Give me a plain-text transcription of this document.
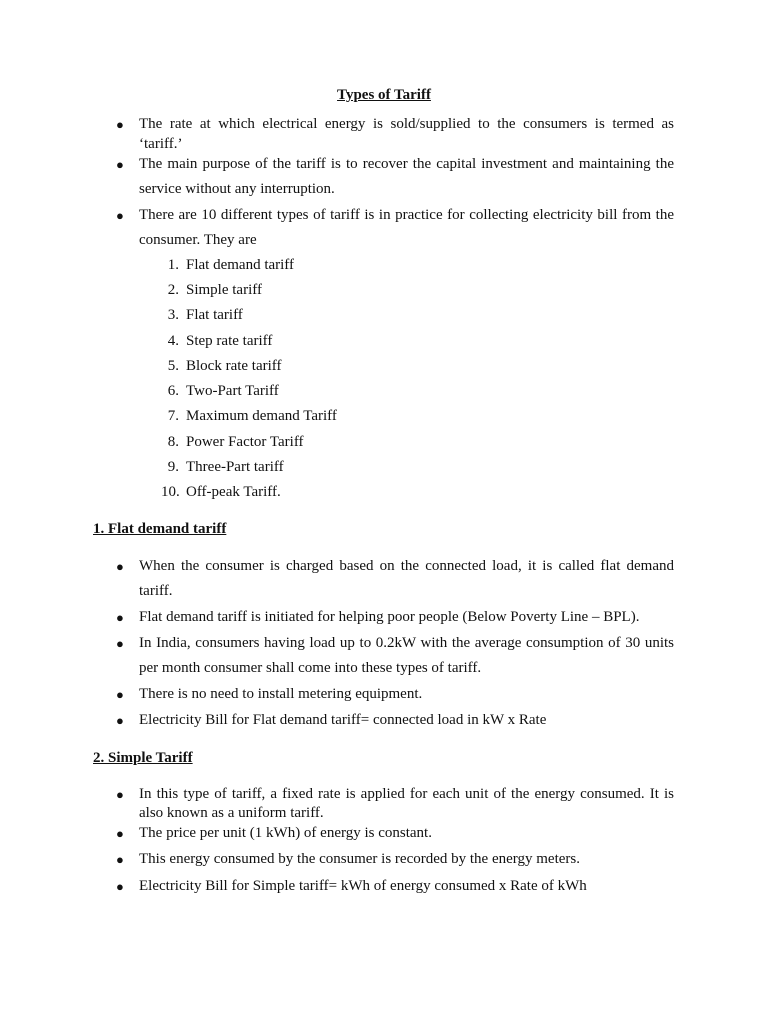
Types of Tariff
● The rate at which electrical energy is sold/supplied to the consumers is termed as
‘tariff.’
● The main purpose of the tariff is to recover the capital investment and maintaining the
service without any interruption.
● There are 10 different types of tariff is in practice for collecting electricity bill from the
consumer. They are
1. Flat demand tariff
2. Simple tariff
3. Flat tariff
4. Step rate tariff
5. Block rate tariff
6. Two-Part Tariff
7. Maximum demand Tariff
8. Power Factor Tariff
9. Three-Part tariff
10. Off-peak Tariff.
1. Flat demand tariff
● When the consumer is charged based on the connected load, it is called flat demand
tariff.
● Flat demand tariff is initiated for helping poor people (Below Poverty Line – BPL).
● In India, consumers having load up to 0.2kW with the average consumption of 30 units
per month consumer shall come into these types of tariff.
● There is no need to install metering equipment.
● Electricity Bill for Flat demand tariff= connected load in kW x Rate
2. Simple Tariff
● In this type of tariff, a fixed rate is applied for each unit of the energy consumed. It is
also known as a uniform tariff.
● The price per unit (1 kWh) of energy is constant.
● This energy consumed by the consumer is recorded by the energy meters.
● Electricity Bill for Simple tariff= kWh of energy consumed x Rate of kWh
